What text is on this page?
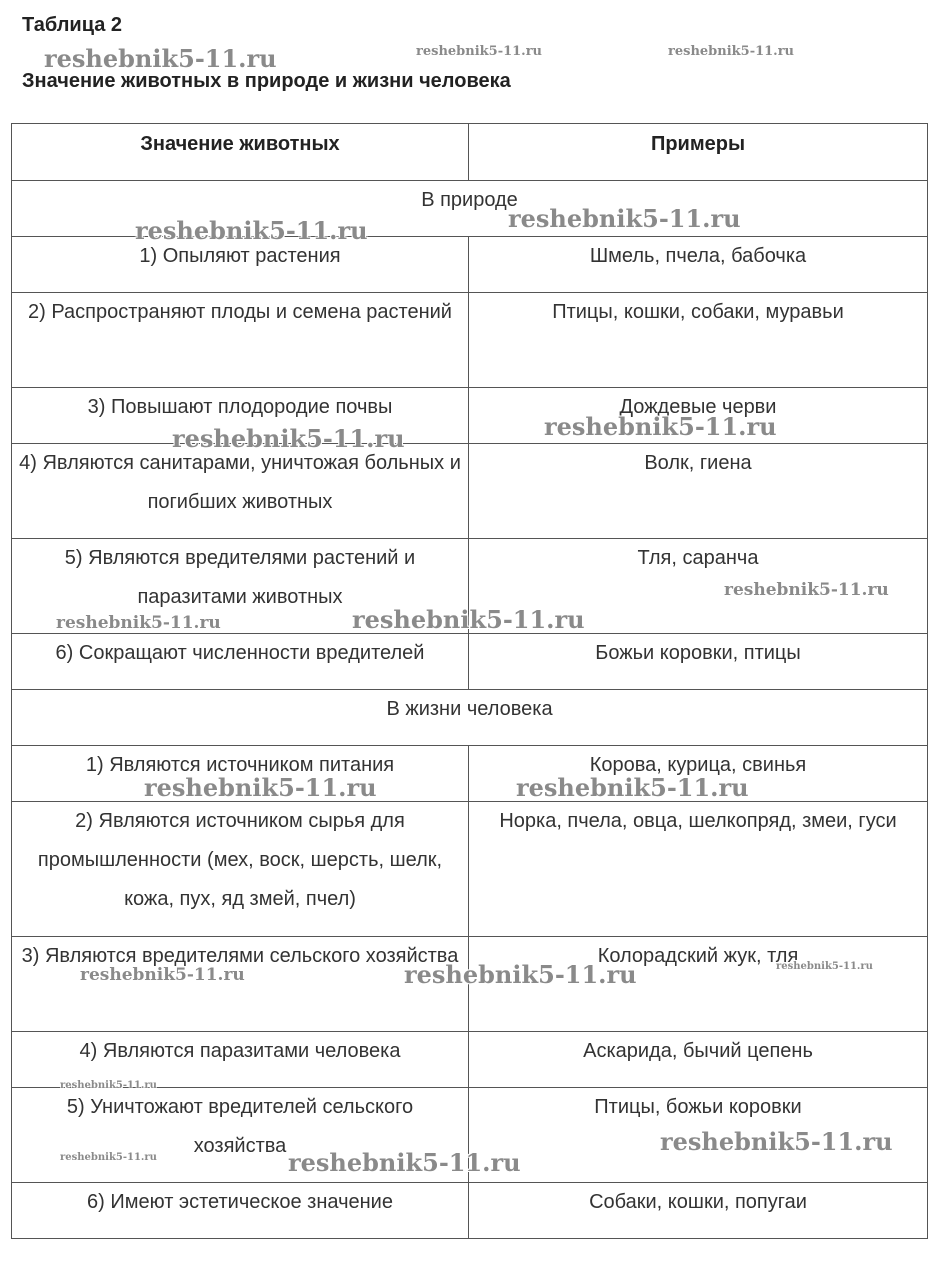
Таблица 2
Значение животных в природе и жизни человека
Значение животных	Примеры
В природе	
1) Опыляют растения	Шмель, пчела, бабочка
2) Распространяют плоды и семена растений	Птицы, кошки, собаки, муравьи
3) Повышают плодородие почвы	Дождевые черви
4) Являются санитарами, уничтожая больных и погибших животных	Волк, гиена
5) Являются вредителями растений и паразитами животных	Тля, саранча
6) Сокращают численности вредителей	Божьи коровки, птицы
В жизни человека	
1) Являются источником питания	Корова, курица, свинья
2) Являются источником сырья для промышленности (мех, воск, шерсть, шелк, кожа, пух, яд змей, пчел)	Норка, пчела, овца, шелкопряд, змеи, гуси
3) Являются вредителями сельского хозяйства	Колорадский жук, тля
4) Являются паразитами человека	Аскарида, бычий цепень
5) Уничтожают вредителей сельского хозяйства	Птицы, божьи коровки
6) Имеют эстетическое значение	Собаки, кошки, попугаи
reshebnik5-11.ru	reshebnik5-11.ru	reshebnik5-11.ru
reshebnik5-11.ru	reshebnik5-11.ru
reshebnik5-11.ru	reshebnik5-11.ru
reshebnik5-11.ru
reshebnik5-11.ru	reshebnik5-11.ru
reshebnik5-11.ru	reshebnik5-11.ru
reshebnik5-11.ru	reshebnik5-11.ru	reshebnik5-11.ru
reshebnik5-11.ru
reshebnik5-11.ru
reshebnik5-11.ru	reshebnik5-11.ru
